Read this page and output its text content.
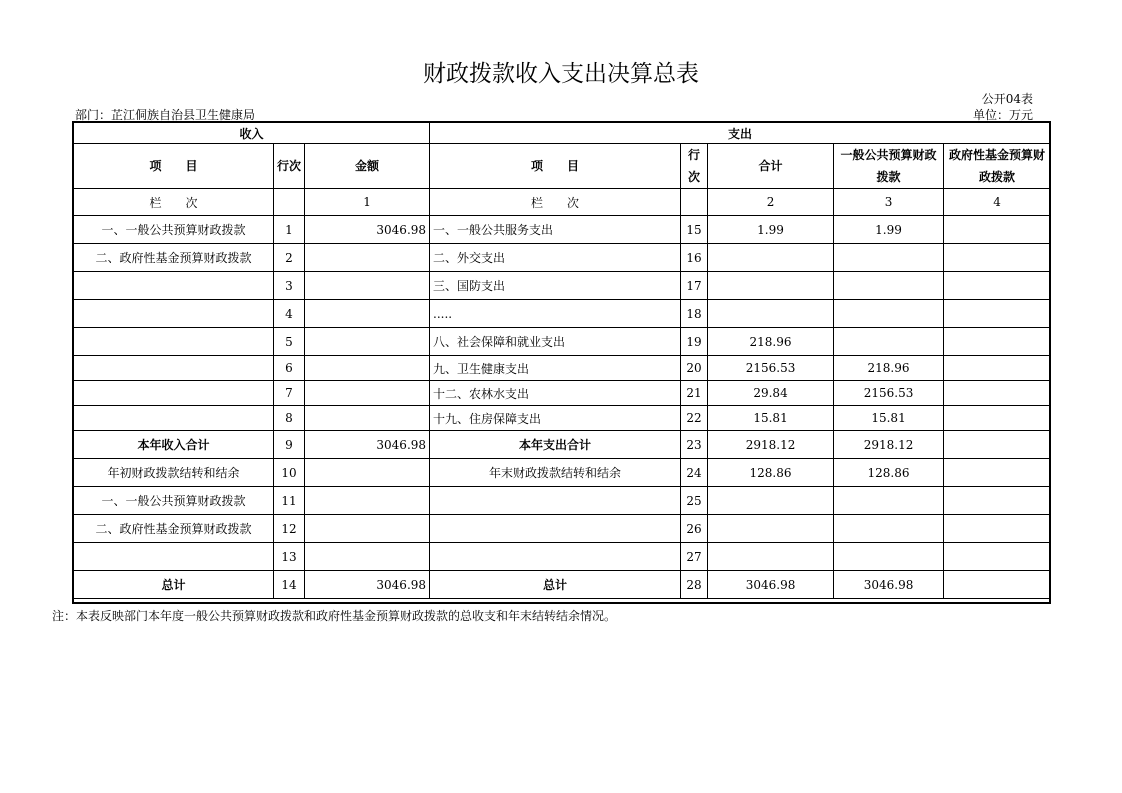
财政拨款收入支出决算总表
公开04表
部门：芷江侗族自治县卫生健康局	单位：万元
收入			支出				
项　　目	行次	金额	项　　目	行次	合计	一般公共预算财政拨款	政府性基金预算财政拨款
栏　　次		1	栏　　次		2	3	4
一、一般公共预算财政拨款	1	3046.98	一、一般公共服务支出	15	1.99	1.99	
二、政府性基金预算财政拨款	2		二、外交支出	16			
	3		三、国防支出	17			
	4		.....	18			
	5		八、社会保障和就业支出	19	218.96		
	6		九、卫生健康支出	20	2156.53	218.96	
	7		十二、农林水支出	21	29.84	2156.53	
	8		十九、住房保障支出	22	15.81	15.81	
本年收入合计	9	3046.98	本年支出合计	23	2918.12	2918.12	
年初财政拨款结转和结余	10		年末财政拨款结转和结余	24	128.86	128.86	
一、一般公共预算财政拨款	11			25			
二、政府性基金预算财政拨款	12			26			
	13			27			
总计	14	3046.98	总计	28	3046.98	3046.98	
注：本表反映部门本年度一般公共预算财政拨款和政府性基金预算财政拨款的总收支和年末结转结余情况。
